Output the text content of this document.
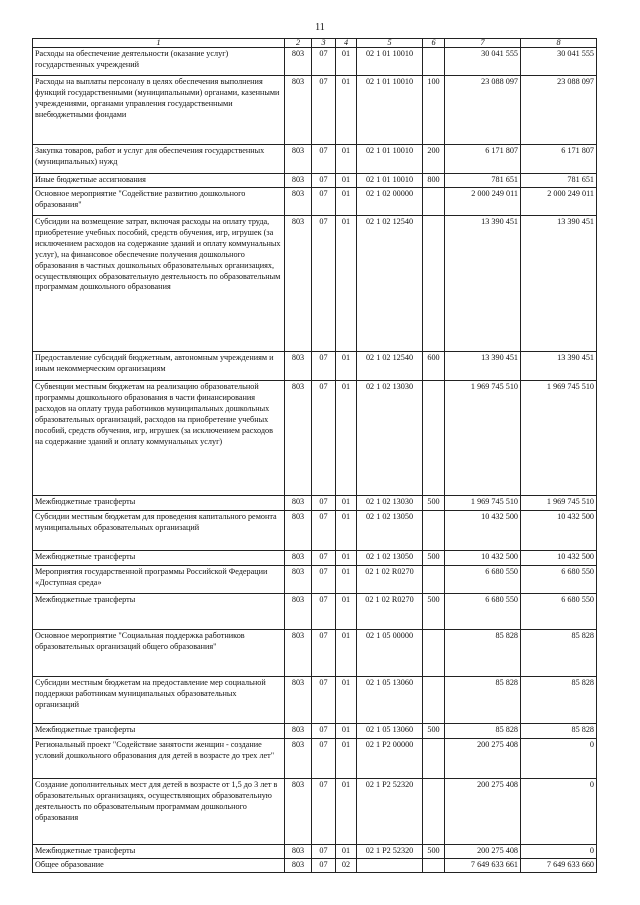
11
1	2	3	4	5	6	7	8
Расходы на обеспечение деятельности (оказание услуг) государственных учреждений	803	07	01	02 1 01 10010		30 041 555	30 041 555
Расходы на выплаты персоналу в целях обеспечения выполнения функций государственными (муниципальными) органами, казенными учреждениями, органами управления государственными внебюджетными фондами	803	07	01	02 1 01 10010	100	23 088 097	23 088 097
Закупка товаров, работ и услуг для обеспечения государственных (муниципальных) нужд	803	07	01	02 1 01 10010	200	6 171 807	6 171 807
Иные бюджетные ассигнования	803	07	01	02 1 01 10010	800	781 651	781 651
Основное мероприятие "Содействие развитию дошкольного образования"	803	07	01	02 1 02 00000		2 000 249 011	2 000 249 011
Субсидии на возмещение затрат, включая расходы на оплату труда, приобретение учебных пособий, средств обучения, игр, игрушек (за исключением расходов на содержание зданий и оплату коммунальных услуг), на финансовое обеспечение получения дошкольного образования в частных дошкольных образовательных организациях, осуществляющих образовательную деятельность по образовательным программам дошкольного образования	803	07	01	02 1 02 12540		13 390 451	13 390 451
Предоставление субсидий бюджетным, автономным учреждениям и иным некоммерческим организациям	803	07	01	02 1 02 12540	600	13 390 451	13 390 451
Субвенции местным бюджетам на реализацию образовательной программы дошкольного образования в части финансирования расходов на оплату труда работников муниципальных дошкольных образовательных организаций, расходов на приобретение учебных пособий, средств обучения, игр, игрушек (за исключением расходов на содержание зданий и оплату коммунальных услуг)	803	07	01	02 1 02 13030		1 969 745 510	1 969 745 510
Межбюджетные трансферты	803	07	01	02 1 02 13030	500	1 969 745 510	1 969 745 510
Субсидии местным бюджетам для проведения капитального ремонта муниципальных образовательных организаций	803	07	01	02 1 02 13050		10 432 500	10 432 500
Межбюджетные трансферты	803	07	01	02 1 02 13050	500	10 432 500	10 432 500
Мероприятия государственной программы Российской Федерации «Доступная среда»	803	07	01	02 1 02 R0270		6 680 550	6 680 550
Межбюджетные трансферты	803	07	01	02 1 02 R0270	500	6 680 550	6 680 550
Основное мероприятие "Социальная поддержка работников образовательных организаций общего образования"	803	07	01	02 1 05 00000		85 828	85 828
Субсидии местным бюджетам на предоставление мер социальной поддержки работникам муниципальных образовательных организаций	803	07	01	02 1 05 13060		85 828	85 828
Межбюджетные трансферты	803	07	01	02 1 05 13060	500	85 828	85 828
Региональный проект "Содействие занятости женщин - создание условий дошкольного образования для детей в возрасте до трех лет"	803	07	01	02 1 P2 00000		200 275 408	0
Создание дополнительных мест для детей в возрасте от 1,5 до 3 лет в образовательных организациях, осуществляющих образовательную деятельность по образовательным программам дошкольного образования	803	07	01	02 1 P2 52320		200 275 408	0
Межбюджетные трансферты	803	07	01	02 1 P2 52320	500	200 275 408	0
Общее образование	803	07	02			7 649 633 661	7 649 633 660
